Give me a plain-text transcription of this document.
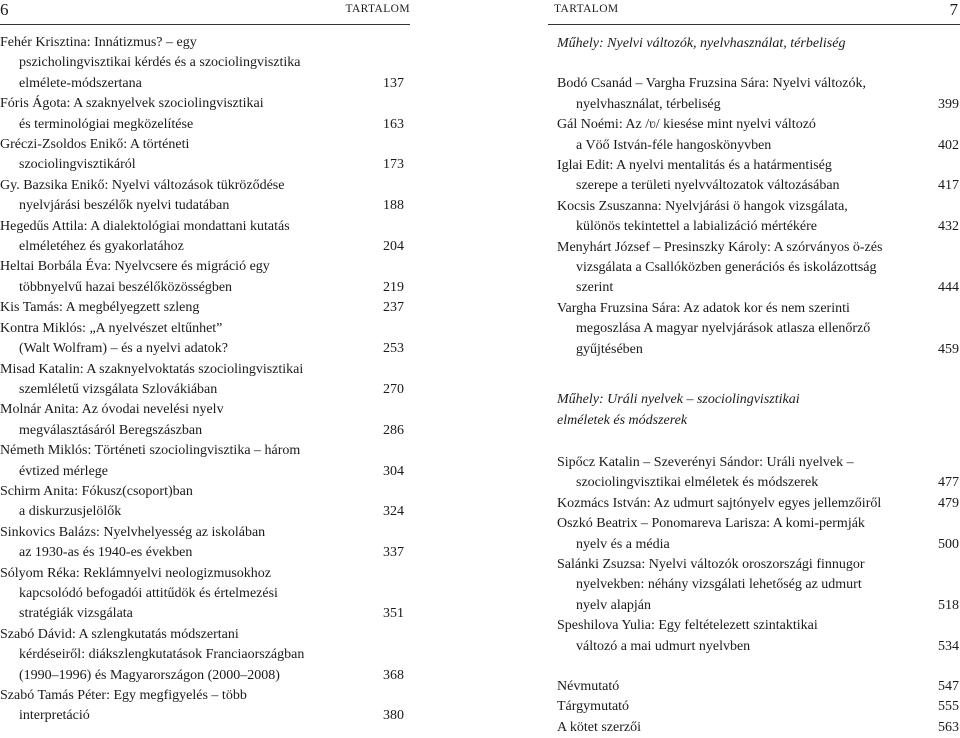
6	TARTALOM
Fehér Krisztina: Innátizmus? – egy
pszicholingvisztikai kérdés és a szociolingvisztika
elmélete-módszertana	137
Fóris Ágota: A szaknyelvek szociolingvisztikai
és terminológiai megközelítése	163
Gréczi-Zsoldos Enikő: A történeti
szociolingvisztikáról	173
Gy. Bazsika Enikő: Nyelvi változások tükröződése
nyelvjárási beszélők nyelvi tudatában	188
Hegedűs Attila: A dialektológiai mondattani kutatás
elméletéhez és gyakorlatához	204
Heltai Borbála Éva: Nyelvcsere és migráció egy
többnyelvű hazai beszélőközösségben	219
Kis Tamás: A megbélyegzett szleng	237
Kontra Miklós: „A nyelvészet eltűnhet”
(Walt Wolfram) – és a nyelvi adatok?	253
Misad Katalin: A szaknyelvoktatás szociolingvisztikai
szemléletű vizsgálata Szlovákiában	270
Molnár Anita: Az óvodai nevelési nyelv
megválasztásáról Beregszászban	286
Németh Miklós: Történeti szociolingvisztika – három
évtized mérlege	304
Schirm Anita: Fókusz(csoport)ban
a diskurzusjelölők	324
Sinkovics Balázs: Nyelvhelyesség az iskolában
az 1930-as és 1940-es években	337
Sólyom Réka: Reklámnyelvi neologizmusokhoz
kapcsolódó befogadói attitűdök és értelmezési
stratégiák vizsgálata	351
Szabó Dávid: A szlengkutatás módszertani
kérdéseiről: diákszlengkutatások Franciaországban
(1990–1996) és Magyarországon (2000–2008)	368
Szabó Tamás Péter: Egy megfigyelés – több
interpretáció	380
TARTALOM	7
Műhely: Nyelvi változók, nyelvhasználat, térbeliség
Bodó Csanád – Vargha Fruzsina Sára: Nyelvi változók,
nyelvhasználat, térbeliség	399
Gál Noémi: Az /ʋ/ kiesése mint nyelvi változó
a Vöő István-féle hangoskönyvben	402
Iglai Edit: A nyelvi mentalitás és a határmentiség
szerepe a területi nyelvváltozatok változásában	417
Kocsis Zsuszanna: Nyelvjárási ö hangok vizsgálata,
különös tekintettel a labializáció mértékére	432
Menyhárt József – Presinszky Károly: A szórványos ö-zés
vizsgálata a Csallóközben generációs és iskolázottság
szerint	444
Vargha Fruzsina Sára: Az adatok kor és nem szerinti
megoszlása A magyar nyelvjárások atlasza ellenőrző
gyűjtésében	459
Műhely: Uráli nyelvek – szociolingvisztikai
elméletek és módszerek
Sipőcz Katalin – Szeverényi Sándor: Uráli nyelvek –
szociolingvisztikai elméletek és módszerek	477
Kozmács István: Az udmurt sajtónyelv egyes jellemzőiről	479
Oszkó Beatrix – Ponomareva Larisza: A komi-permják
nyelv és a média	500
Salánki Zsuzsa: Nyelvi változók oroszországi finnugor
nyelvekben: néhány vizsgálati lehetőség az udmurt
nyelv alapján	518
Speshilova Yulia: Egy feltételezett szintaktikai
változó a mai udmurt nyelvben	534
Névmutató	547
Tárgymutató	555
A kötet szerzői	563
